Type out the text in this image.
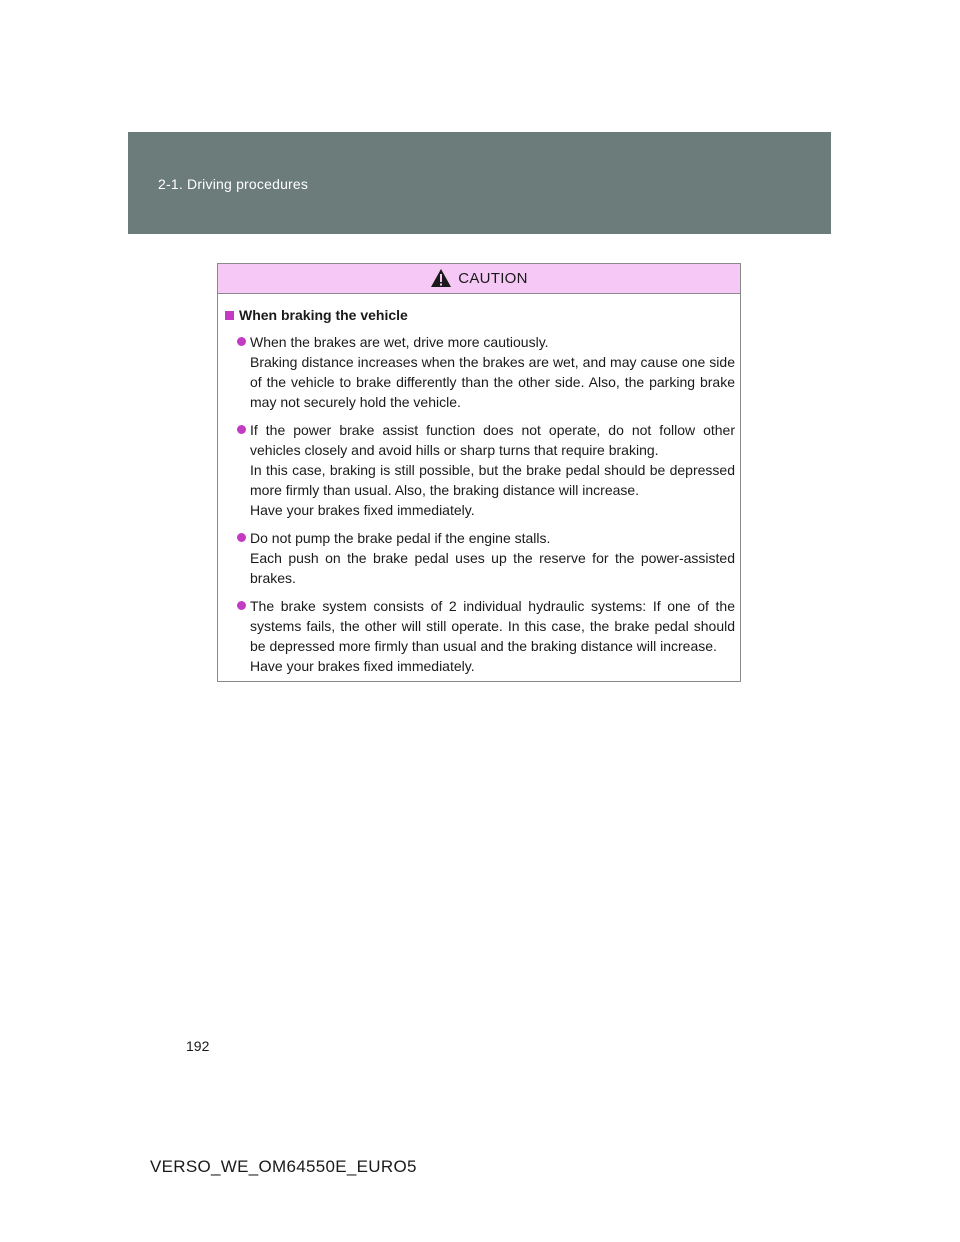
2-1. Driving procedures
CAUTION
When braking the vehicle

When the brakes are wet, drive more cautiously.

Braking distance increases when the brakes are wet, and may cause one side of the vehicle to brake differently than the other side. Also, the parking brake may not securely hold the vehicle.

If the power brake assist function does not operate, do not follow other vehicles closely and avoid hills or sharp turns that require braking.

In this case, braking is still possible, but the brake pedal should be depressed more firmly than usual. Also, the braking distance will increase.

Have your brakes fixed immediately.

Do not pump the brake pedal if the engine stalls.

Each push on the brake pedal uses up the reserve for the power-assisted brakes.

The brake system consists of 2 individual hydraulic systems: If one of the systems fails, the other will still operate. In this case, the brake pedal should be depressed more firmly than usual and the braking distance will increase.

Have your brakes fixed immediately.

192
VERSO_WE_OM64550E_EURO5
